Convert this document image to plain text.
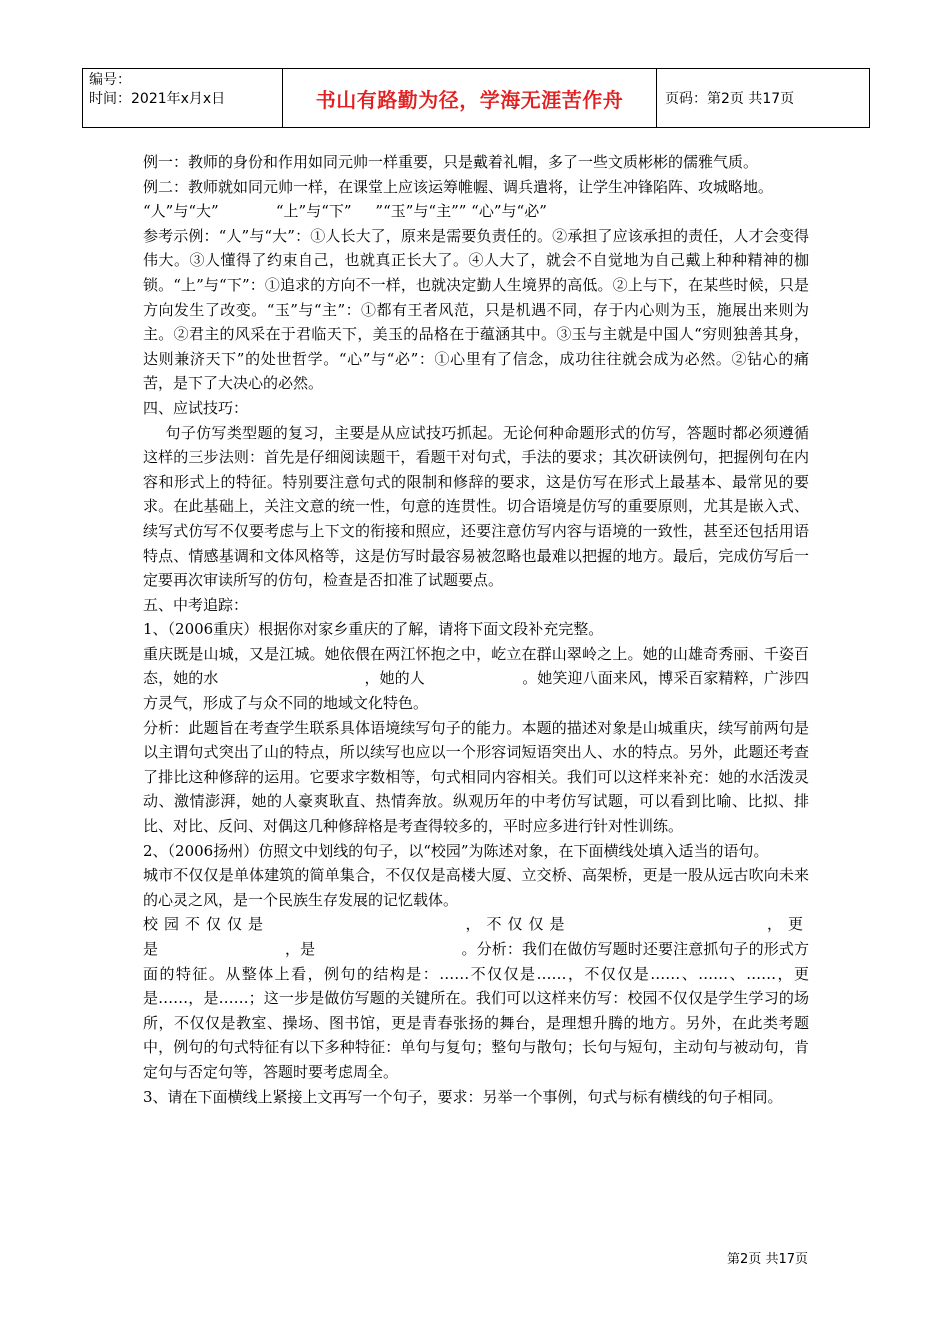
编号：
时间：2021年x月x日	书山有路勤为径，学海无涯苦作舟	页码：第2页 共17页

例一：教师的身份和作用如同元帅一样重要，只是戴着礼帽，多了一些文质彬彬的儒雅气质。

例二：教师就如同元帅一样，在课堂上应该运筹帷幄、调兵遣将，让学生冲锋陷阵、攻城略地。

“人”与“大”            “上”与“下”     ”“玉”与“主”” “心”与“必”

参考示例：“人”与“大”：①人长大了，原来是需要负责任的。②承担了应该承担的责任，人才会变得伟大。③人懂得了约束自己，也就真正长大了。④人大了，就会不自觉地为自己戴上种种精神的枷锁。“上”与“下”：①追求的方向不一样，也就决定勤人生境界的高低。②上与下，在某些时候，只是方向发生了改变。“玉”与“主”：①都有王者风范，只是机遇不同，存于内心则为玉，施展出来则为主。②君主的风采在于君临天下，美玉的品格在于蕴涵其中。③玉与主就是中国人“穷则独善其身，达则兼济天下”的处世哲学。“心”与“必”：①心里有了信念，成功往往就会成为必然。②钻心的痛苦，是下了大决心的必然。

四、应试技巧：

句子仿写类型题的复习，主要是从应试技巧抓起。无论何种命题形式的仿写，答题时都必须遵循这样的三步法则：首先是仔细阅读题干，看题干对句式，手法的要求；其次研读例句，把握例句在内容和形式上的特征。特别要注意句式的限制和修辞的要求，这是仿写在形式上最基本、最常见的要求。在此基础上，关注文意的统一性，句意的连贯性。切合语境是仿写的重要原则，尤其是嵌入式、续写式仿写不仅要考虑与上下文的衔接和照应，还要注意仿写内容与语境的一致性，甚至还包括用语特点、情感基调和文体风格等，这是仿写时最容易被忽略也最难以把握的地方。最后，完成仿写后一定要再次审读所写的仿句，检查是否扣准了试题要点。

五、中考追踪：

1、（2006重庆）根据你对家乡重庆的了解，请将下面文段补充完整。

重庆既是山城，又是江城。她依偎在两江怀抱之中，屹立在群山翠岭之上。她的山雄奇秀丽、千姿百态，她的水                              ，她的人                    。她笑迎八面来风，博采百家精粹，广涉四方灵气，形成了与众不同的地域文化特色。

分析：此题旨在考查学生联系具体语境续写句子的能力。本题的描述对象是山城重庆，续写前两句是以主谓句式突出了山的特点，所以续写也应以一个形容词短语突出人、水的特点。另外，此题还考查了排比这种修辞的运用。它要求字数相等，句式相同内容相关。我们可以这样来补充：她的水活泼灵动、激情澎湃，她的人豪爽耿直、热情奔放。纵观历年的中考仿写试题，可以看到比喻、比拟、排比、对比、反问、对偶这几种修辞格是考查得较多的，平时应多进行针对性训练。

2、（2006扬州）仿照文中划线的句子，以“校园”为陈述对象，在下面横线处填入适当的语句。

城市不仅仅是单体建筑的简单集合，不仅仅是高楼大厦、立交桥、高架桥，更是一股从远古吹向未来的心灵之风，是一个民族生存发展的记忆载体。

校园不仅仅是	，不仅仅是	，更

是                          ，是                              。分析：我们在做仿写题时还要注意抓句子的形式方面的特征。从整体上看，例句的结构是：……不仅仅是……，不仅仅是……、……、……，更是……，是……；这一步是做仿写题的关键所在。我们可以这样来仿写：校园不仅仅是学生学习的场所，不仅仅是教室、操场、图书馆，更是青春张扬的舞台，是理想升腾的地方。另外，在此类考题中，例句的句式特征有以下多种特征：单句与复句；整句与散句；长句与短句，主动句与被动句，肯定句与否定句等，答题时要考虑周全。

3、请在下面横线上紧接上文再写一个句子，要求：另举一个事例，句式与标有横线的句子相同。

第2页 共17页
